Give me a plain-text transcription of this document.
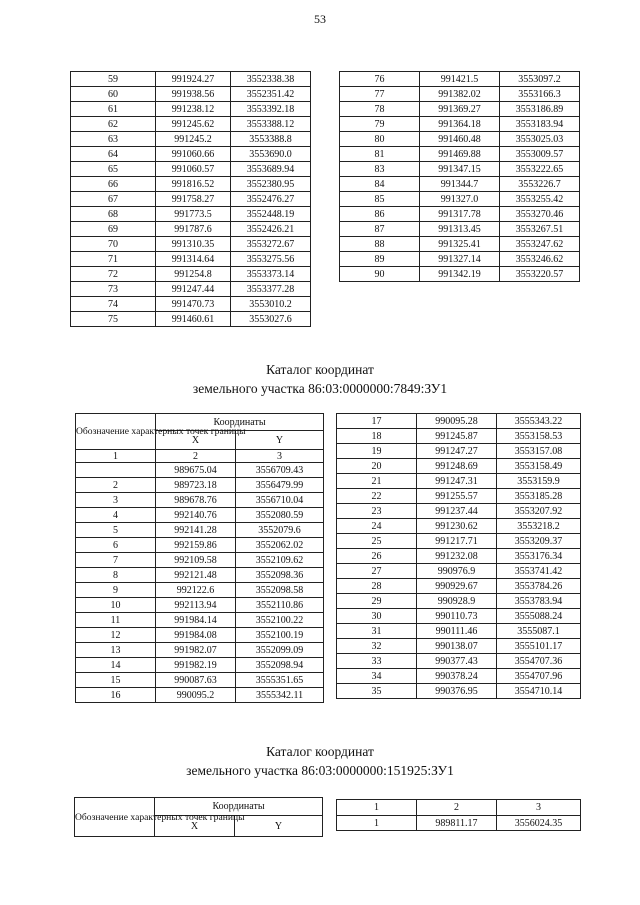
53
59	991924.27	3552338.38
60	991938.56	3552351.42
61	991238.12	3553392.18
62	991245.62	3553388.12
63	991245.2	3553388.8
64	991060.66	3553690.0
65	991060.57	3553689.94
66	991816.52	3552380.95
67	991758.27	3552476.27
68	991773.5	3552448.19
69	991787.6	3552426.21
70	991310.35	3553272.67
71	991314.64	3553275.56
72	991254.8	3553373.14
73	991247.44	3553377.28
74	991470.73	3553010.2
75	991460.61	3553027.6
76	991421.5	3553097.2
77	991382.02	3553166.3
78	991369.27	3553186.89
79	991364.18	3553183.94
80	991460.48	3553025.03
81	991469.88	3553009.57
83	991347.15	3553222.65
84	991344.7	3553226.7
85	991327.0	3553255.42
86	991317.78	3553270.46
87	991313.45	3553267.51
88	991325.41	3553247.62
89	991327.14	3553246.62
90	991342.19	3553220.57
Каталог координат
земельного участка 86:03:0000000:7849:ЗУ1
Обозначение характерных точек границы	Координаты	
	X	Y
1	2	3
	989675.04	3556709.43
2	989723.18	3556479.99
3	989678.76	3556710.04
4	992140.76	3552080.59
5	992141.28	3552079.6
6	992159.86	3552062.02
7	992109.58	3552109.62
8	992121.48	3552098.36
9	992122.6	3552098.58
10	992113.94	3552110.86
11	991984.14	3552100.22
12	991984.08	3552100.19
13	991982.07	3552099.09
14	991982.19	3552098.94
15	990087.63	3555351.65
16	990095.2	3555342.11
17	990095.28	3555343.22
18	991245.87	3553158.53
19	991247.27	3553157.08
20	991248.69	3553158.49
21	991247.31	3553159.9
22	991255.57	3553185.28
23	991237.44	3553207.92
24	991230.62	3553218.2
25	991217.71	3553209.37
26	991232.08	3553176.34
27	990976.9	3553741.42
28	990929.67	3553784.26
29	990928.9	3553783.94
30	990110.73	3555088.24
31	990111.46	3555087.1
32	990138.07	3555101.17
33	990377.43	3554707.36
34	990378.24	3554707.96
35	990376.95	3554710.14
Каталог координат
земельного участка 86:03:0000000:151925:ЗУ1
Обозначение характерных точек границы	Координаты	
	X	Y
1	2	3
1	989811.17	3556024.35
